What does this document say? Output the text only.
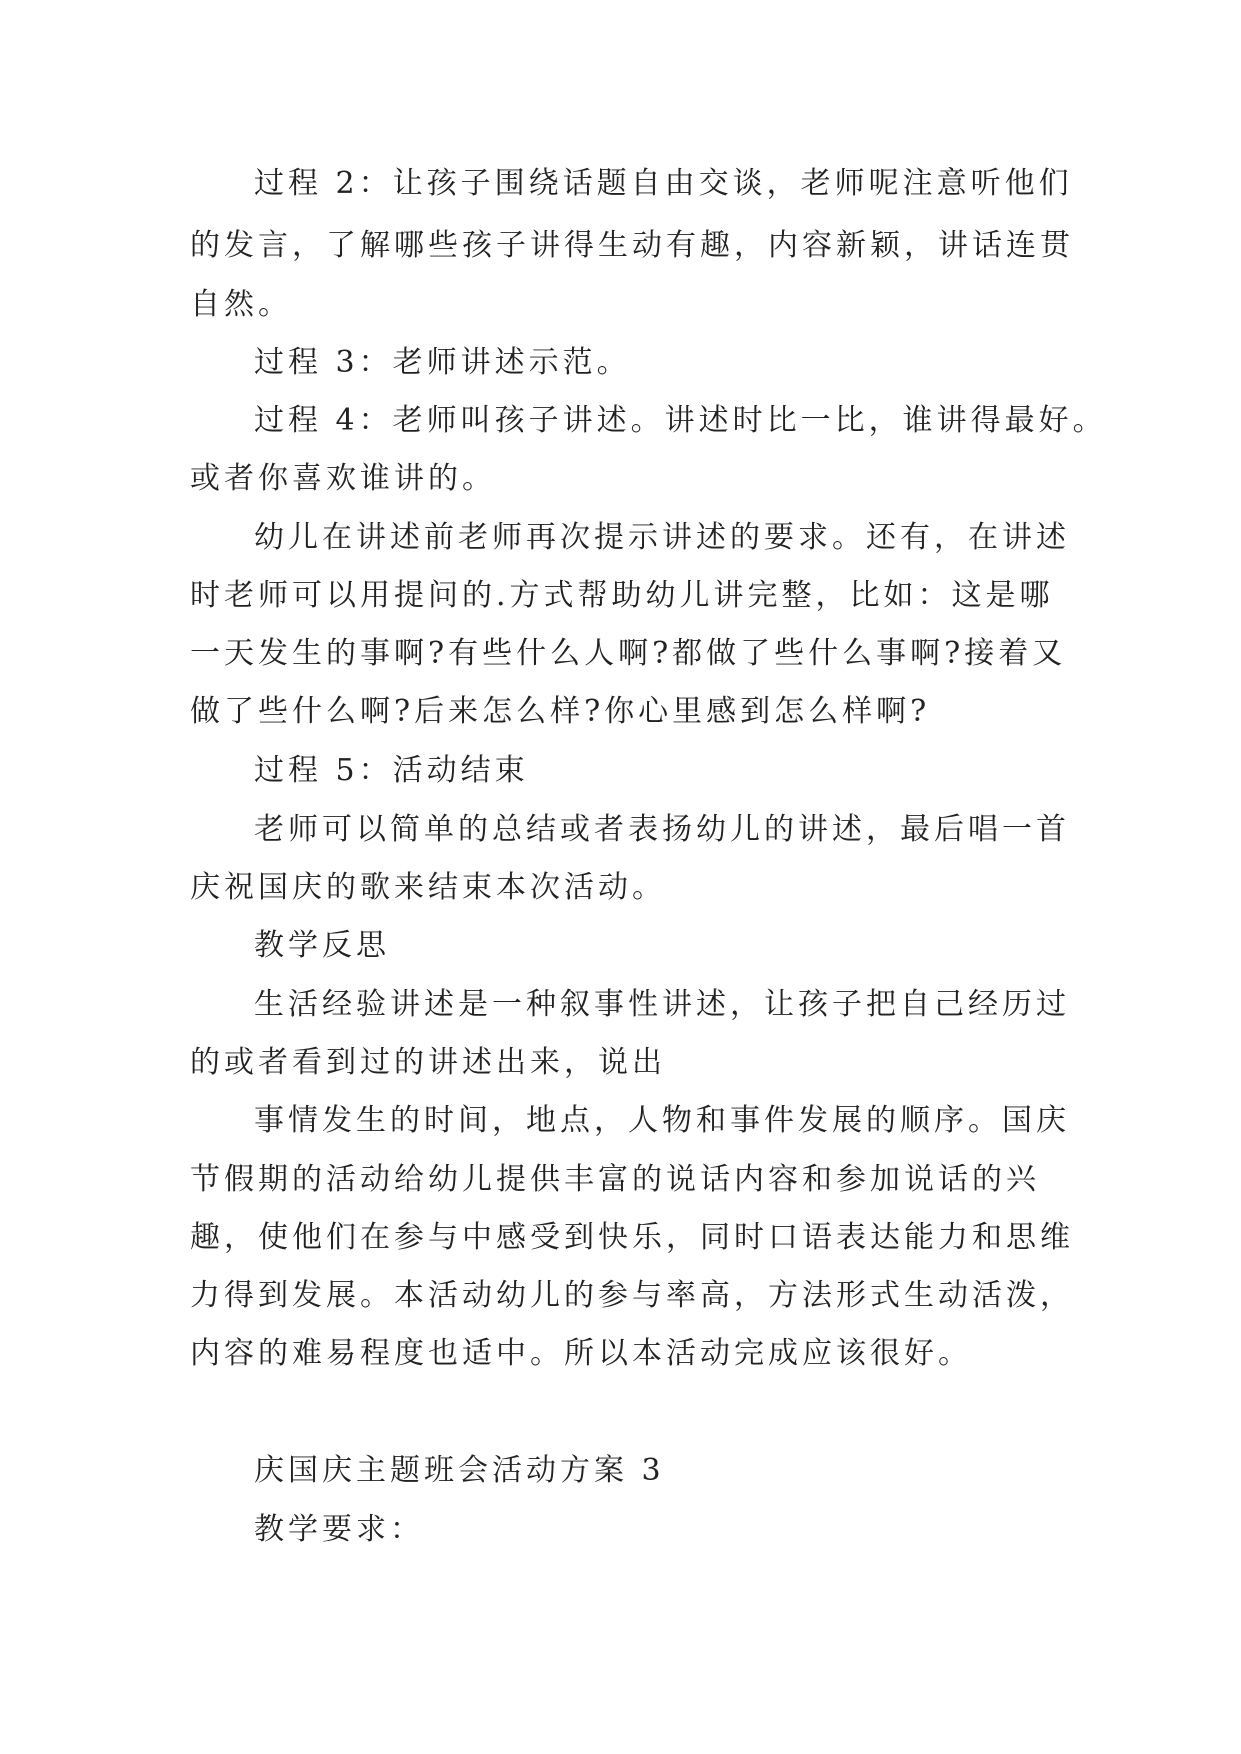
过程 2：让孩子围绕话题自由交谈，老师呢注意听他们
的发言，了解哪些孩子讲得生动有趣，内容新颖，讲话连贯
自然。
过程 3：老师讲述示范。
过程 4：老师叫孩子讲述。讲述时比一比，谁讲得最好。
或者你喜欢谁讲的。
幼儿在讲述前老师再次提示讲述的要求。还有，在讲述
时老师可以用提问的.方式帮助幼儿讲完整，比如：这是哪
一天发生的事啊?有些什么人啊?都做了些什么事啊?接着又
做了些什么啊?后来怎么样?你心里感到怎么样啊?
过程 5：活动结束
老师可以简单的总结或者表扬幼儿的讲述，最后唱一首
庆祝国庆的歌来结束本次活动。
教学反思
生活经验讲述是一种叙事性讲述，让孩子把自己经历过
的或者看到过的讲述出来，说出
事情发生的时间，地点，人物和事件发展的顺序。国庆
节假期的活动给幼儿提供丰富的说话内容和参加说话的兴
趣，使他们在参与中感受到快乐，同时口语表达能力和思维
力得到发展。本活动幼儿的参与率高，方法形式生动活泼，
内容的难易程度也适中。所以本活动完成应该很好。
庆国庆主题班会活动方案 3
教学要求：
